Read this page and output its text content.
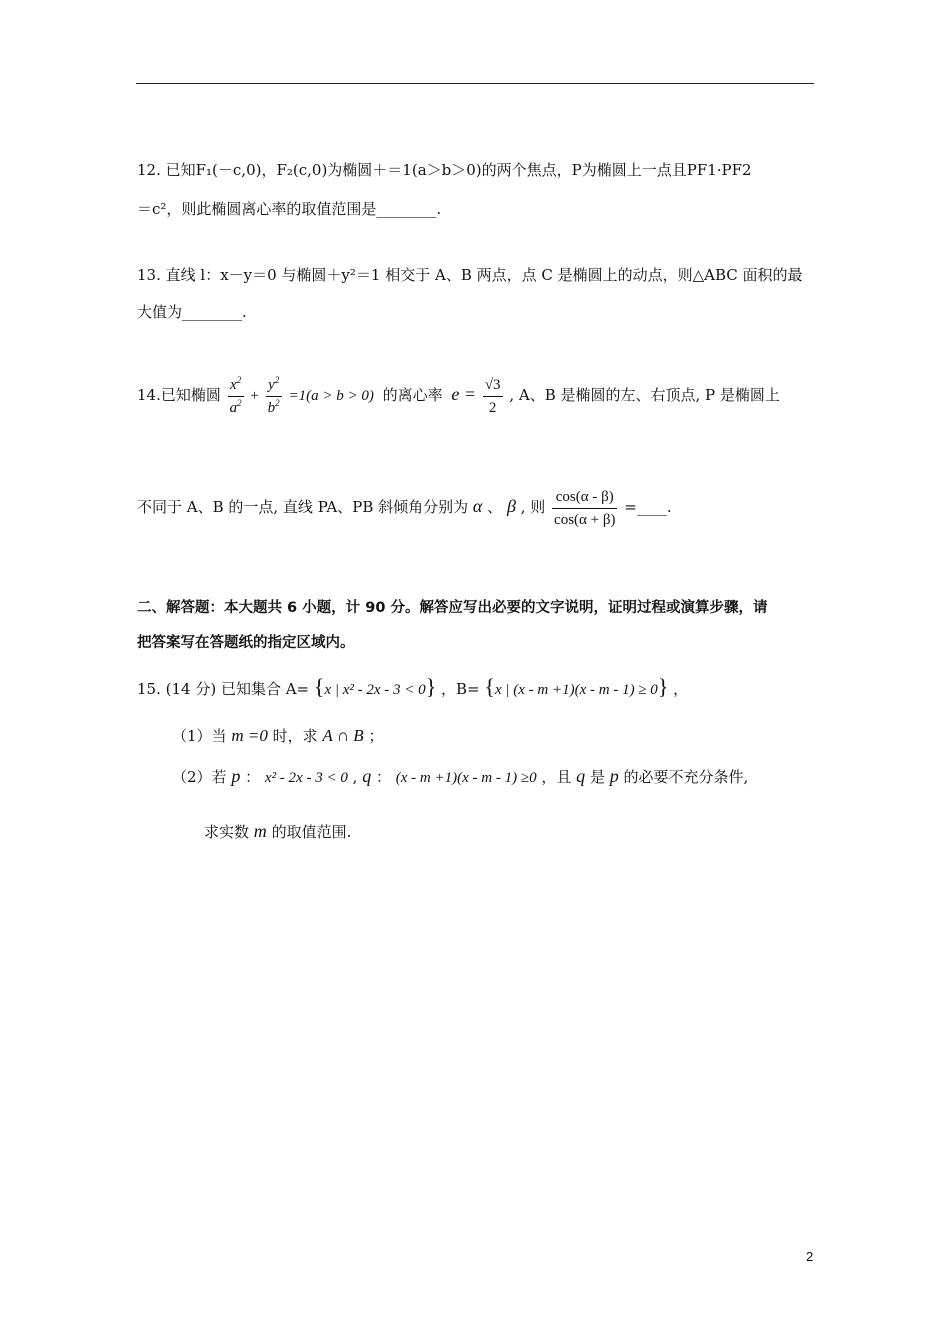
12. 已知F₁(－c,0)，F₂(c,0)为椭圆＋＝1(a＞b＞0)的两个焦点，P为椭圆上一点且PF1·PF2
＝c²，则此椭圆离心率的取值范围是________.
13. 直线 l：x－y＝0 与椭圆＋y²＝1 相交于 A、B 两点，点 C 是椭圆上的动点，则△ABC 面积的最
大值为________.
14.已知椭圆 $\frac{x^2}{a^2} + \frac{y^2}{b^2} =1(a > b > 0)$ 的离心率 $e = \frac{√3}{2}$ , A、B 是椭圆的左、右顶点, P 是椭圆上
不同于 A、B 的一点, 直线 PA、PB 斜倾角分别为 α 、 β , 则 $\frac{\cos(\alpha - \beta)}{\cos(\alpha + \beta)}$ =____.
二、解答题：本大题共 6 小题，计 90 分。解答应写出必要的文字说明，证明过程或演算步骤，请
把答案写在答题纸的指定区域内。
15. (14 分) 已知集合 A= {x | x² - 2x - 3 < 0} ，B= {x | (x - m +1)(x - m - 1) ≥ 0} ，
（1）当 m =0 时，求 A ∩ B ；
（2）若 p ： x² - 2x - 3 < 0 , q ： (x - m +1)(x - m - 1) ≥0 ，且 q 是 p 的必要不充分条件,
求实数 m 的取值范围.
2
